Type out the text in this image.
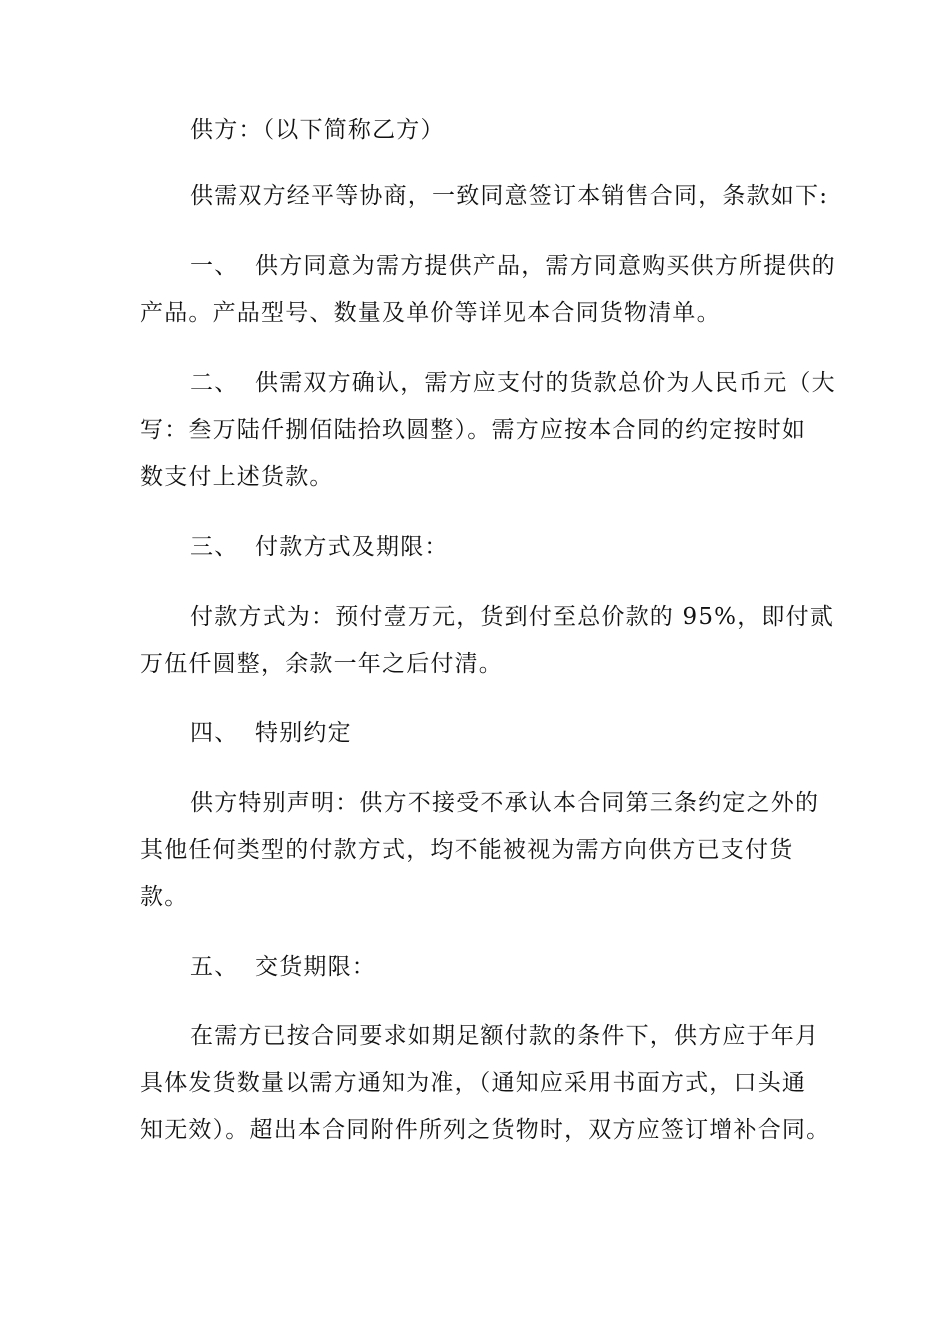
供方：（以下简称乙方）
供需双方经平等协商，一致同意签订本销售合同，条款如下:
一、 供方同意为需方提供产品，需方同意购买供方所提供的
产品。产品型号、数量及单价等详见本合同货物清单。
二、 供需双方确认，需方应支付的货款总价为人民币元（大
写：叁万陆仟捌佰陆拾玖圆整）。需方应按本合同的约定按时如
数支付上述货款。
三、 付款方式及期限：
付款方式为：预付壹万元，货到付至总价款的 95%，即付贰
万伍仟圆整，余款一年之后付清。
四、 特别约定
供方特别声明：供方不接受不承认本合同第三条约定之外的
其他任何类型的付款方式，均不能被视为需方向供方已支付货
款。
五、 交货期限：
在需方已按合同要求如期足额付款的条件下，供方应于年月
具体发货数量以需方通知为准，（通知应采用书面方式，口头通
知无效）。超出本合同附件所列之货物时，双方应签订增补合同。
